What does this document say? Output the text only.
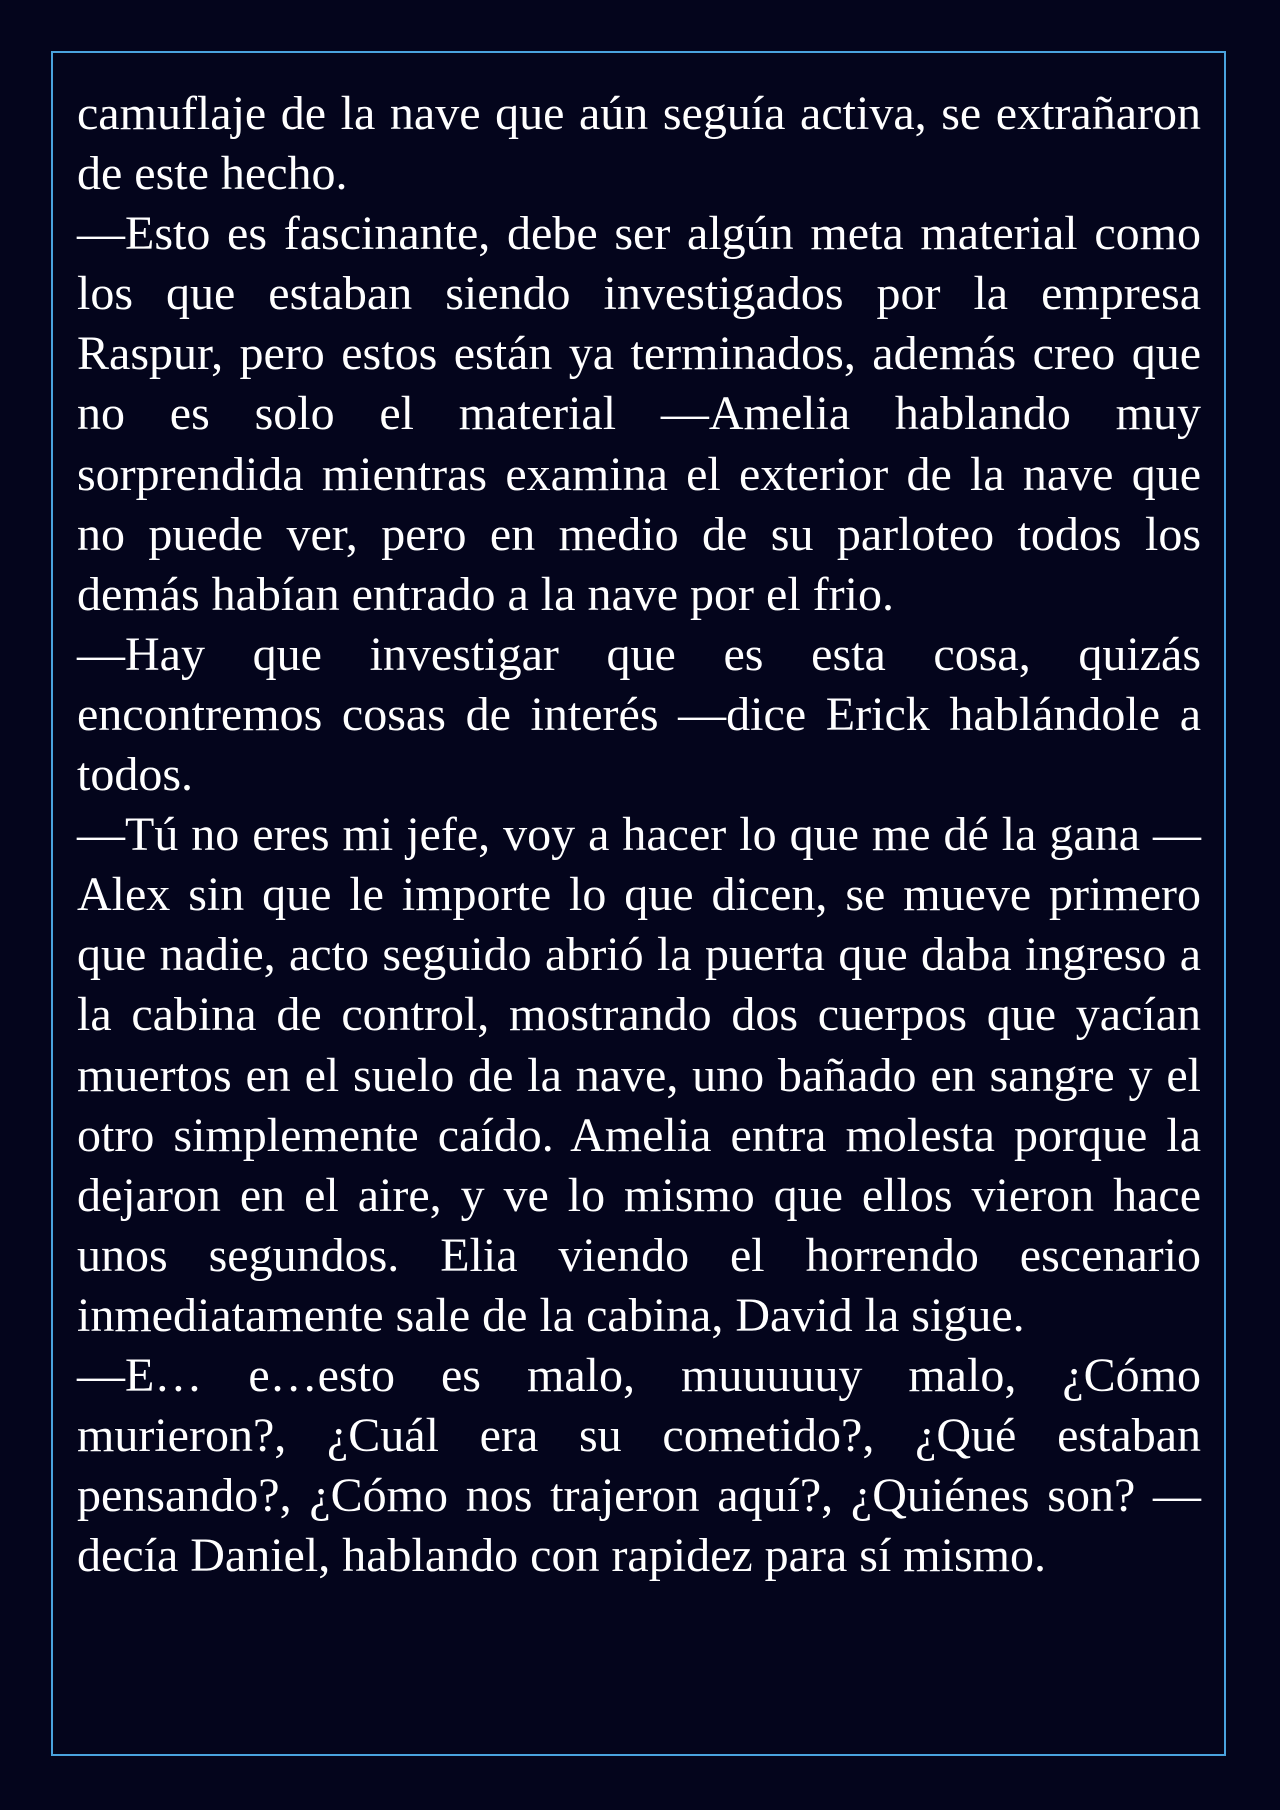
camuflaje de la nave que aún seguía activa, se extrañaron de este hecho.

—Esto es fascinante, debe ser algún meta material como los que estaban siendo investigados por la empresa Raspur, pero estos están ya terminados, además creo que no es solo el material —Amelia hablando muy sorprendida mientras examina el exterior de la nave que no puede ver, pero en medio de su parloteo todos los demás habían entrado a la nave por el frio.

—Hay que investigar que es esta cosa, quizás encontremos cosas de interés —dice Erick hablándole a todos.

—Tú no eres mi jefe, voy a hacer lo que me dé la gana —Alex sin que le importe lo que dicen, se mueve primero que nadie, acto seguido abrió la puerta que daba ingreso a la cabina de control, mostrando dos cuerpos que yacían muertos en el suelo de la nave, uno bañado en sangre y el otro simplemente caído. Amelia entra molesta porque la dejaron en el aire, y ve lo mismo que ellos vieron hace unos segundos. Elia viendo el horrendo escenario inmediatamente sale de la cabina, David la sigue.

—E… e…esto es malo, muuuuuy malo, ¿Cómo murieron?, ¿Cuál era su cometido?, ¿Qué estaban pensando?, ¿Cómo nos trajeron aquí?, ¿Quiénes son? —decía Daniel, hablando con rapidez para sí mismo.
